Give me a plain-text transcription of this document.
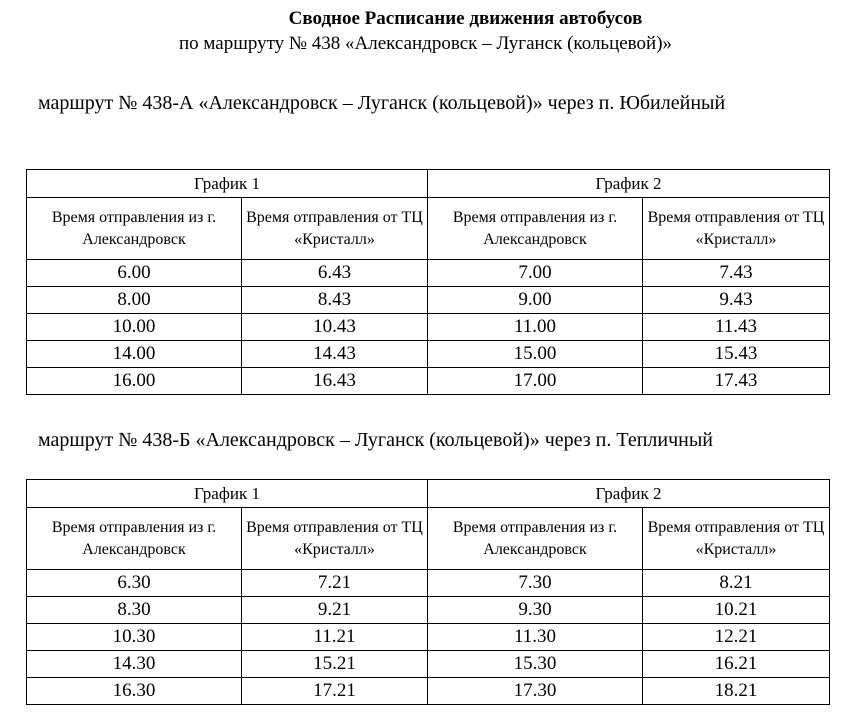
Сводное Расписание движения автобусов
по маршруту № 438 «Александровск – Луганск (кольцевой)»
маршрут № 438-А «Александровск – Луганск (кольцевой)» через п. Юбилейный
График 1		График 2	
Время отправления из г. Александровск	Время отправления от ТЦ «Кристалл»	Время отправления из г. Александровск	Время отправления от ТЦ «Кристалл»
6.00	6.43	7.00	7.43
8.00	8.43	9.00	9.43
10.00	10.43	11.00	11.43
14.00	14.43	15.00	15.43
16.00	16.43	17.00	17.43
маршрут № 438-Б «Александровск – Луганск (кольцевой)» через п. Тепличный
График 1		График 2	
Время отправления из г. Александровск	Время отправления от ТЦ «Кристалл»	Время отправления из г. Александровск	Время отправления от ТЦ «Кристалл»
6.30	7.21	7.30	8.21
8.30	9.21	9.30	10.21
10.30	11.21	11.30	12.21
14.30	15.21	15.30	16.21
16.30	17.21	17.30	18.21
